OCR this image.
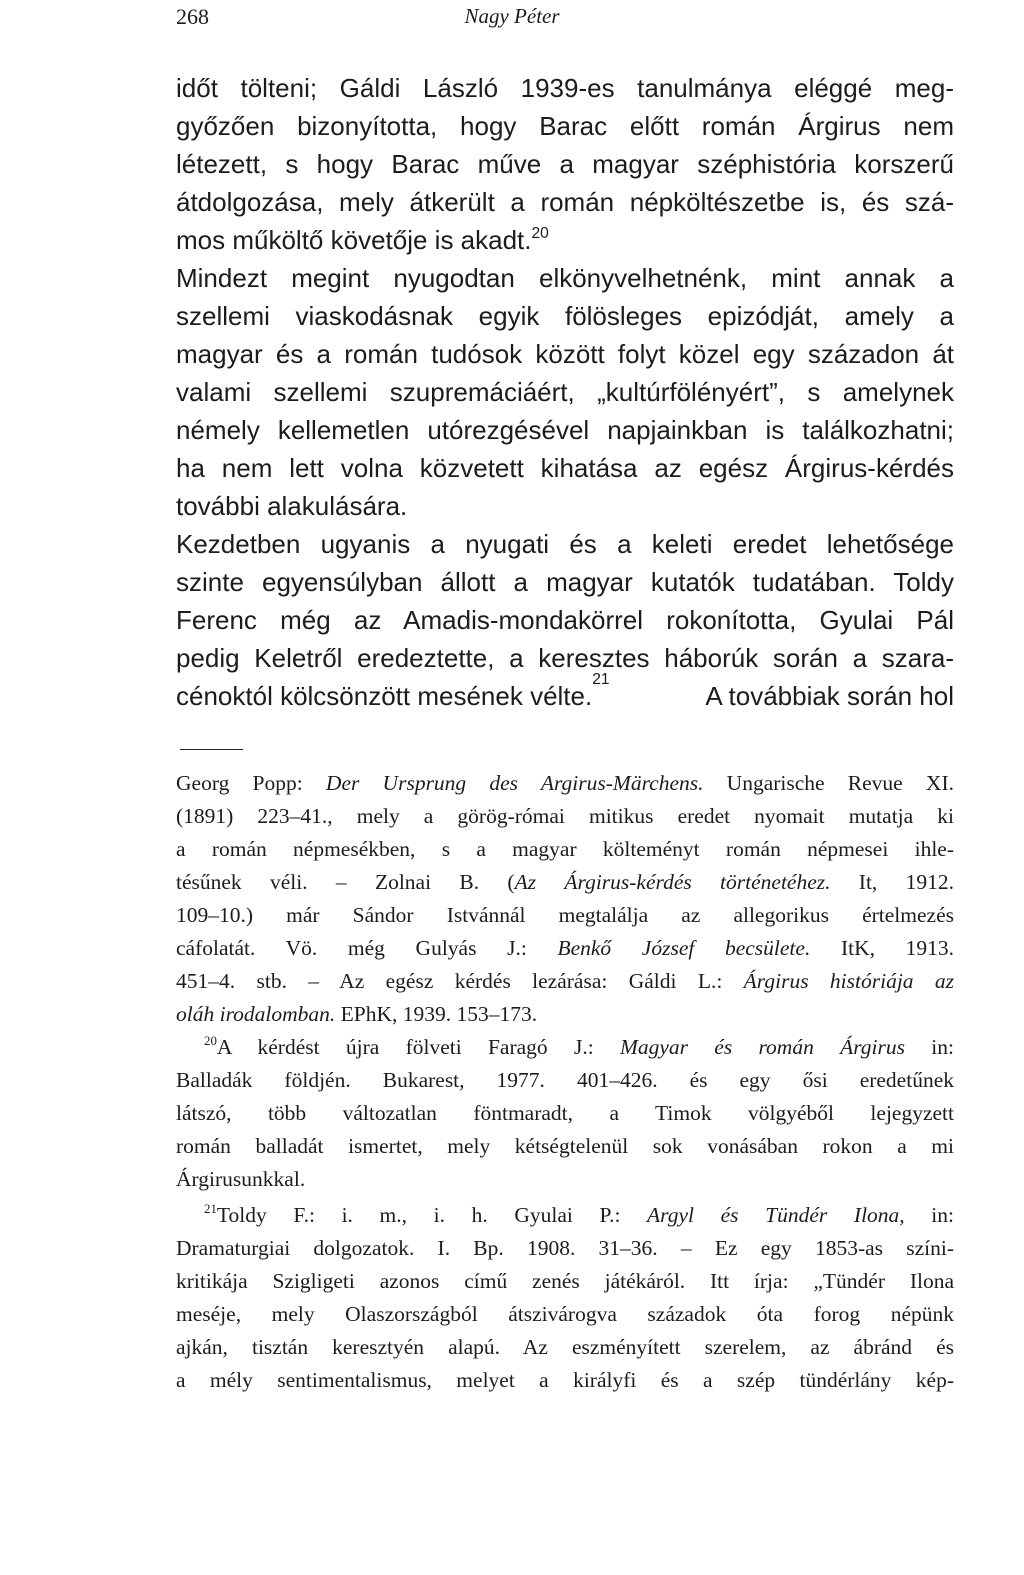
268	Nagy Péter
időt tölteni; Gáldi László 1939-es tanulmánya eléggé meg-
győzően bizonyította, hogy Barac előtt román Árgirus nem
létezett, s hogy Barac műve a magyar széphistória korszerű
átdolgozása, mely átkerült a román népköltészetbe is, és szá-
mos műköltő követője is akadt.$^{20}$
Mindezt megint nyugodtan elkönyvelhetnénk, mint annak a
szellemi viaskodásnak egyik fölösleges epizódját, amely a
magyar és a román tudósok között folyt közel egy századon át
valami szellemi szupremáciáért, „kultúrfölényért”, s amelynek
némely kellemetlen utórezgésével napjainkban is találkozhatni;
ha nem lett volna közvetett kihatása az egész Árgirus-kérdés
további alakulására.
Kezdetben ugyanis a nyugati és a keleti eredet lehetősége
szinte egyensúlyban állott a magyar kutatók tudatában. Toldy
Ferenc még az Amadis-mondakörrel rokonította, Gyulai Pál
pedig Keletről eredeztette, a keresztes háborúk során a szara-
cénoktól kölcsönzött mesének vélte.
21
A továbbiak során hol
Georg Popp: Der Ursprung des Argirus-Märchens. Ungarische Revue XI.
(1891) 223–41., mely a görög-római mitikus eredet nyomait mutatja ki
a román népmesékben, s a magyar költeményt román népmesei ihle-
tésűnek véli. – Zolnai B. (Az Árgirus-kérdés történetéhez. It, 1912.
109–10.) már Sándor Istvánnál megtalálja az allegorikus értelmezés
cáfolatát. Vö. még Gulyás J.: Benkő József becsülete. ItK, 1913.
451–4. stb. – Az egész kérdés lezárása: Gáldi L.: Árgirus históriája az
oláh irodalomban. EPhK, 1939. 153–173.
$^{20}$A kérdést újra fölveti Faragó J.: Magyar és román Árgirus in:
Balladák földjén. Bukarest, 1977. 401–426. és egy ősi eredetűnek
látszó, több változatlan föntmaradt, a Timok völgyéből lejegyzett
román balladát ismertet, mely kétségtelenül sok vonásában rokon a mi
Árgirusunkkal.
$^{21}$Toldy F.: i. m., i. h. Gyulai P.: Argyl és Tündér Ilona, in:
Dramaturgiai dolgozatok. I. Bp. 1908. 31–36. – Ez egy 1853-as színi-
kritikája Szigligeti azonos című zenés játékáról. Itt írja: „Tündér Ilona
meséje, mely Olaszországból átszivárogva századok óta forog népünk
ajkán, tisztán keresztyén alapú. Az eszményített szerelem, az ábránd és
a mély sentimentalismus, melyet a királyfi és a szép tündérlány kép-
